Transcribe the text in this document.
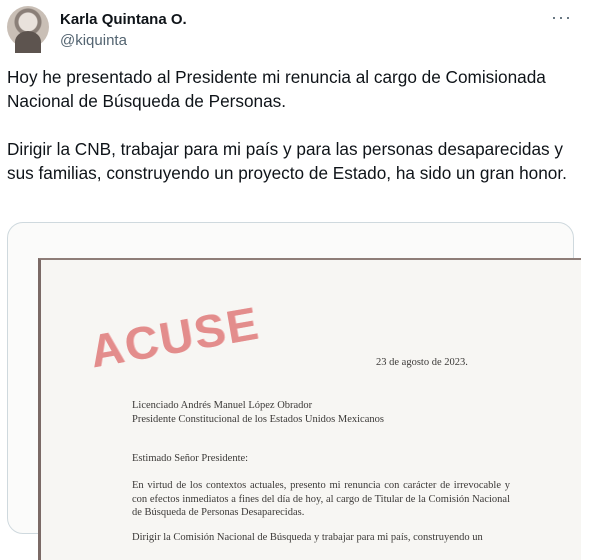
Karla Quintana O.
@kiquinta
···
Hoy he presentado al Presidente mi renuncia al cargo de Comisionada Nacional de Búsqueda de Personas.

Dirigir la CNB, trabajar para mi país y para las personas desaparecidas y sus familias, construyendo un proyecto de Estado, ha sido un gran honor.
ACUSE	23 de agosto de 2023.
Licenciado Andrés Manuel López Obrador
Presidente Constitucional de los Estados Unidos Mexicanos
Estimado Señor Presidente:
En virtud de los contextos actuales, presento mi renuncia con carácter de irrevocable y con efectos inmediatos a fines del día de hoy, al cargo de Titular de la Comisión Nacional de Búsqueda de Personas Desaparecidas.
Dirigir la Comisión Nacional de Búsqueda y trabajar para mi país, construyendo un
